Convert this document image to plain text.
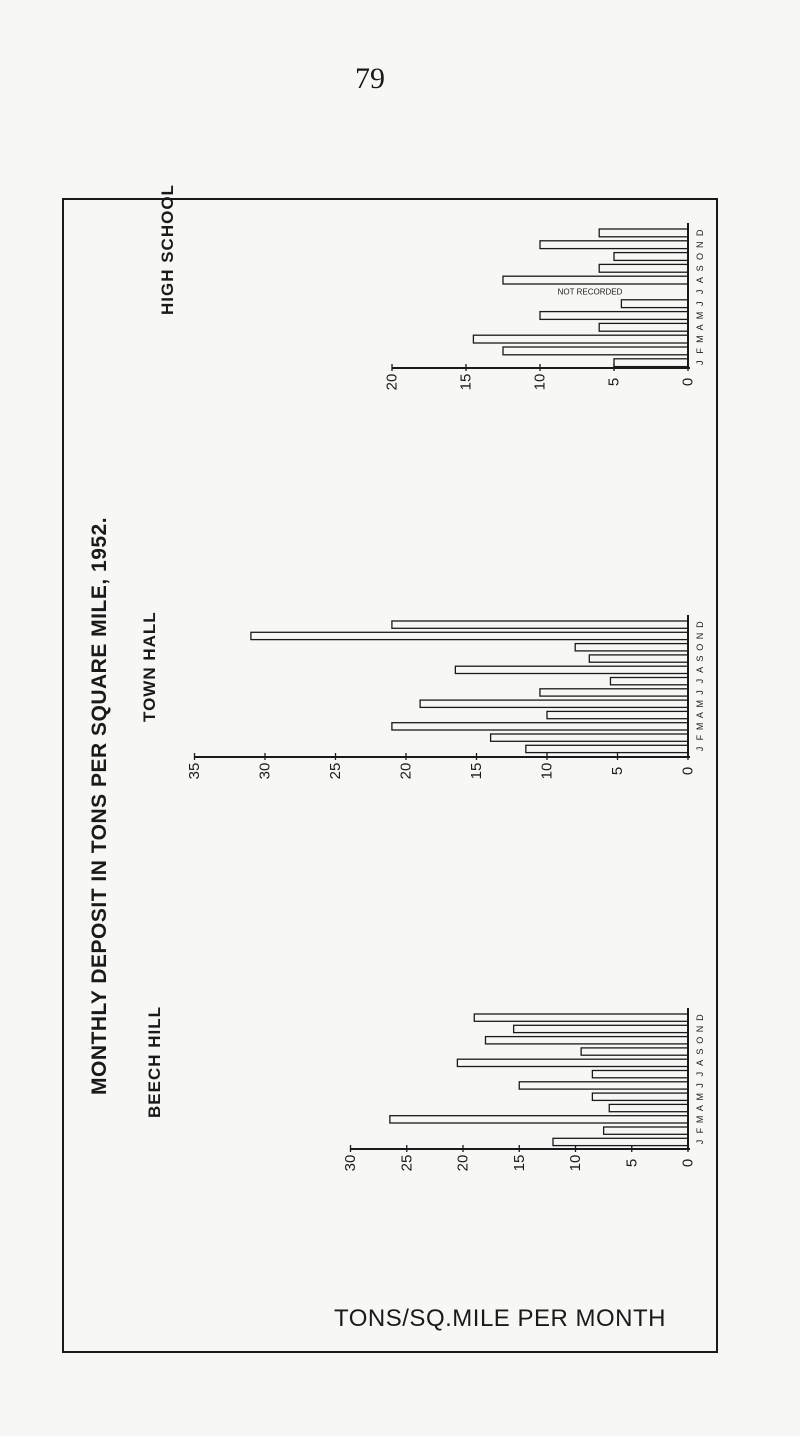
79
MONTHLY DEPOSIT IN TONS PER SQUARE MILE, 1952.
HIGH SCHOOL
TOWN HALL
BEECH HILL
J
F
M
A
M
J
J
A
S
O
N
D
NOT RECORDED
20	15	10	5	0
J
F
M
A
M
J
J
A
S
O
N
D
35	30	25	20	15	10	5	0
J
F
M
A
M
J
J
A
S
O
N
D
30	25	20	15	10	5	0
TONS/SQ.MILE PER MONTH
